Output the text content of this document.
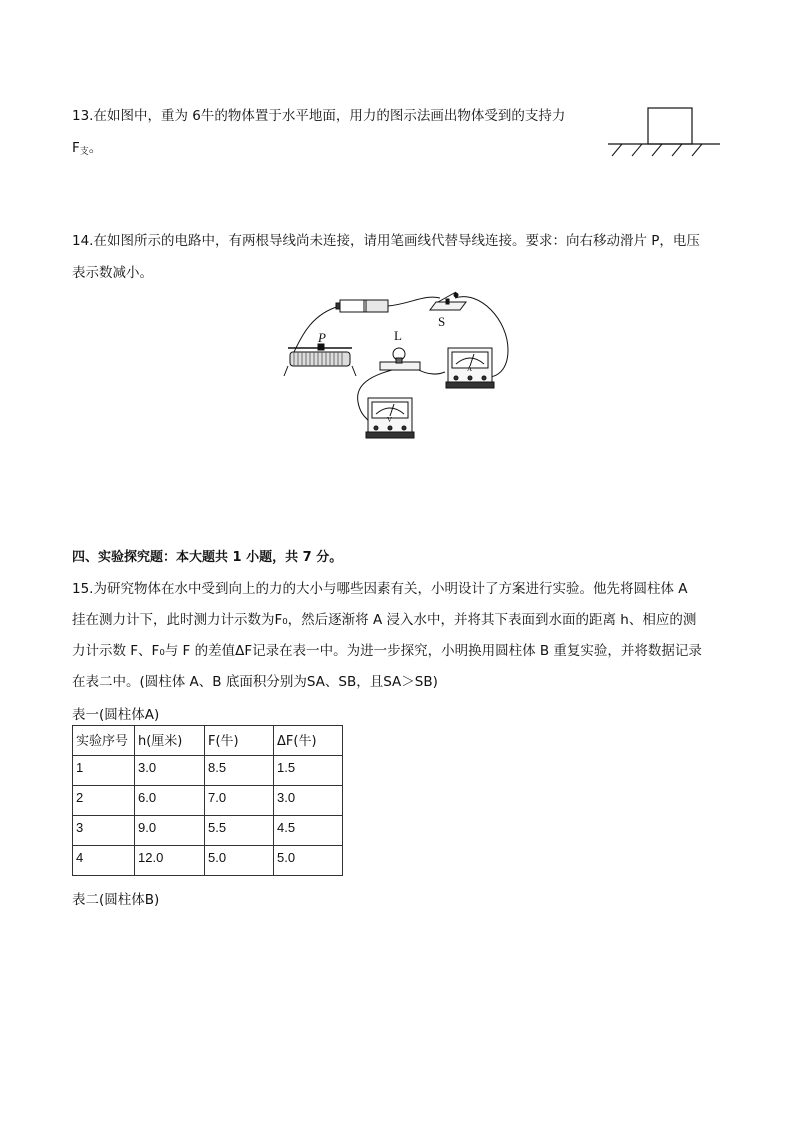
13.在如图中，重为 6牛的物体置于水平地面，用力的图示法画出物体受到的支持力
$F_支$。
14.在如图所示的电路中，有两根导线尚未连接，请用笔画线代替导线连接。要求：向右移动滑片 P，电压
表示数减小。
S
L
P
A
V
四、实验探究题：本大题共 1 小题，共 7 分。
15.为研究物体在水中受到向上的力的大小与哪些因素有关，小明设计了方案进行实验。他先将圆柱体 A
挂在测力计下，此时测力计示数为F₀，然后逐渐将 A 浸入水中，并将其下表面到水面的距离 h、相应的测
力计示数 F、F₀与 F 的差值ΔF记录在表一中。为进一步探究，小明换用圆柱体 B 重复实验，并将数据记录
在表二中。(圆柱体 A、B 底面积分别为SA、SB，且SA＞SB)
表一(圆柱体A)
实验序号	h(厘米)	F(牛)	ΔF(牛)
1	3.0	8.5	1.5
2	6.0	7.0	3.0
3	9.0	5.5	4.5
4	12.0	5.0	5.0
表二(圆柱体B)
